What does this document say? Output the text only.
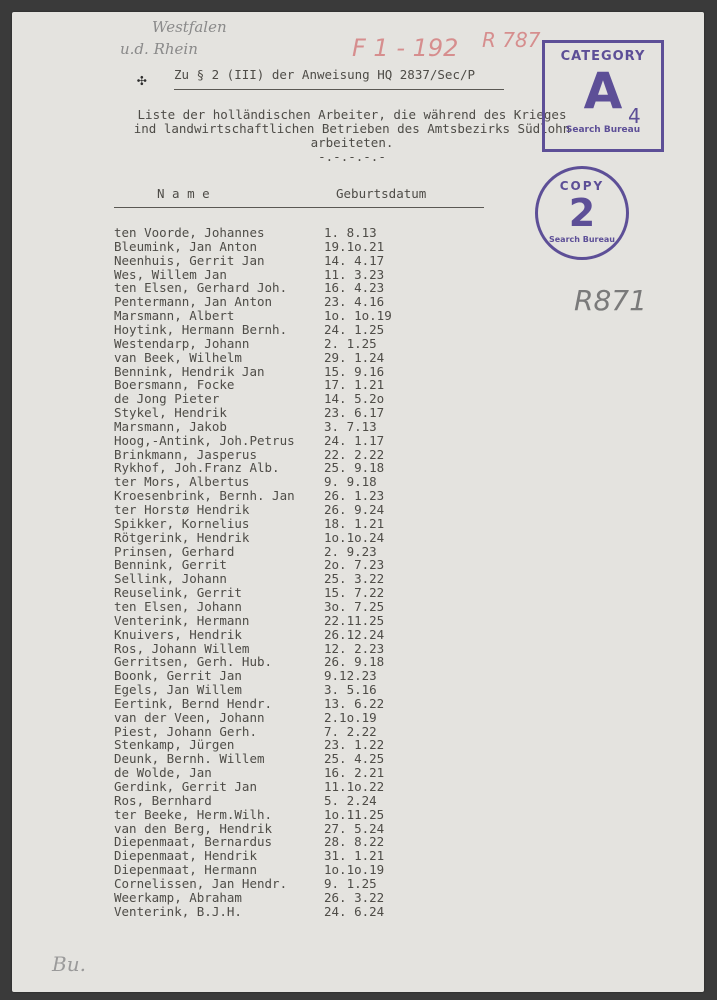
Westfalen
u.d. Rhein	F 1 - 192 R 787
✣ Zu § 2 (III) der Anweisung HQ 2837/Sec/P
Liste der holländischen Arbeiter, die während des Krieges
ind landwirtschaftlichen Betrieben des Amtsbezirks Südlohn
arbeiteten.
-.-.-.-.-
N a m e	Geburtsdatum
CATEGORY
A
Search Bureau
4
COPY
2
Search Bureau
R871
ten Voorde, Johannes	1. 8.13
Bleumink, Jan Anton	19.1o.21
Neenhuis, Gerrit Jan	14. 4.17
Wes, Willem Jan	11. 3.23
ten Elsen, Gerhard Joh.	16. 4.23
Pentermann, Jan Anton	23. 4.16
Marsmann, Albert	1o. 1o.19
Hoytink, Hermann Bernh.	24. 1.25
Westendarp, Johann	2. 1.25
van Beek, Wilhelm	29. 1.24
Bennink, Hendrik Jan	15. 9.16
Boersmann, Focke	17. 1.21
de Jong Pieter	14. 5.2o
Stykel, Hendrik	23. 6.17
Marsmann, Jakob	3. 7.13
Hoog,-Antink, Joh.Petrus 24. 1.17
Brinkmann, Jasperus	22. 2.22
Rykhof, Joh.Franz Alb.	25. 9.18
ter Mors, Albertus	9. 9.18
Kroesenbrink, Bernh. Jan 26. 1.23
ter Horstø Hendrik	26. 9.24
Spikker, Kornelius	18. 1.21
Rötgerink, Hendrik	1o.1o.24
Prinsen, Gerhard	2. 9.23
Bennink, Gerrit	2o. 7.23
Sellink, Johann	25. 3.22
Reuselink, Gerrit	15. 7.22
ten Elsen, Johann	3o. 7.25
Venterink, Hermann	22.11.25
Knuivers, Hendrik	26.12.24
Ros, Johann Willem	12. 2.23
Gerritsen, Gerh. Hub.	26. 9.18
Boonk, Gerrit Jan	9.12.23
Egels, Jan Willem	3. 5.16
Eertink, Bernd Hendr.	13. 6.22
van der Veen, Johann	2.1o.19
Piest, Johann Gerh.	7. 2.22
Stenkamp, Jürgen	23. 1.22
Deunk, Bernh. Willem	25. 4.25
de Wolde, Jan	16. 2.21
Gerdink, Gerrit Jan	11.1o.22
Ros, Bernhard	5. 2.24
ter Beeke, Herm.Wilh.	1o.11.25
van den Berg, Hendrik	27. 5.24
Diepenmaat, Bernardus	28. 8.22
Diepenmaat, Hendrik	31. 1.21
Diepenmaat, Hermann	1o.1o.19
Cornelissen, Jan Hendr.	9. 1.25
Weerkamp, Abraham	26. 3.22
Venterink, B.J.H.	24. 6.24
Bu.
